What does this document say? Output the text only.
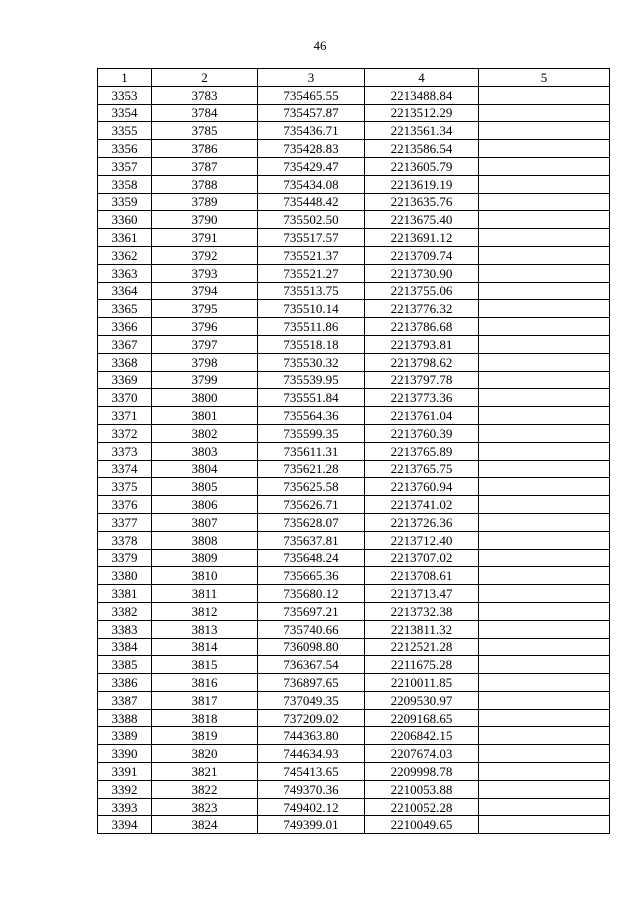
46
1	2	3	4	5
3353	3783	735465.55	2213488.84	
3354	3784	735457.87	2213512.29	
3355	3785	735436.71	2213561.34	
3356	3786	735428.83	2213586.54	
3357	3787	735429.47	2213605.79	
3358	3788	735434.08	2213619.19	
3359	3789	735448.42	2213635.76	
3360	3790	735502.50	2213675.40	
3361	3791	735517.57	2213691.12	
3362	3792	735521.37	2213709.74	
3363	3793	735521.27	2213730.90	
3364	3794	735513.75	2213755.06	
3365	3795	735510.14	2213776.32	
3366	3796	735511.86	2213786.68	
3367	3797	735518.18	2213793.81	
3368	3798	735530.32	2213798.62	
3369	3799	735539.95	2213797.78	
3370	3800	735551.84	2213773.36	
3371	3801	735564.36	2213761.04	
3372	3802	735599.35	2213760.39	
3373	3803	735611.31	2213765.89	
3374	3804	735621.28	2213765.75	
3375	3805	735625.58	2213760.94	
3376	3806	735626.71	2213741.02	
3377	3807	735628.07	2213726.36	
3378	3808	735637.81	2213712.40	
3379	3809	735648.24	2213707.02	
3380	3810	735665.36	2213708.61	
3381	3811	735680.12	2213713.47	
3382	3812	735697.21	2213732.38	
3383	3813	735740.66	2213811.32	
3384	3814	736098.80	2212521.28	
3385	3815	736367.54	2211675.28	
3386	3816	736897.65	2210011.85	
3387	3817	737049.35	2209530.97	
3388	3818	737209.02	2209168.65	
3389	3819	744363.80	2206842.15	
3390	3820	744634.93	2207674.03	
3391	3821	745413.65	2209998.78	
3392	3822	749370.36	2210053.88	
3393	3823	749402.12	2210052.28	
3394	3824	749399.01	2210049.65	
